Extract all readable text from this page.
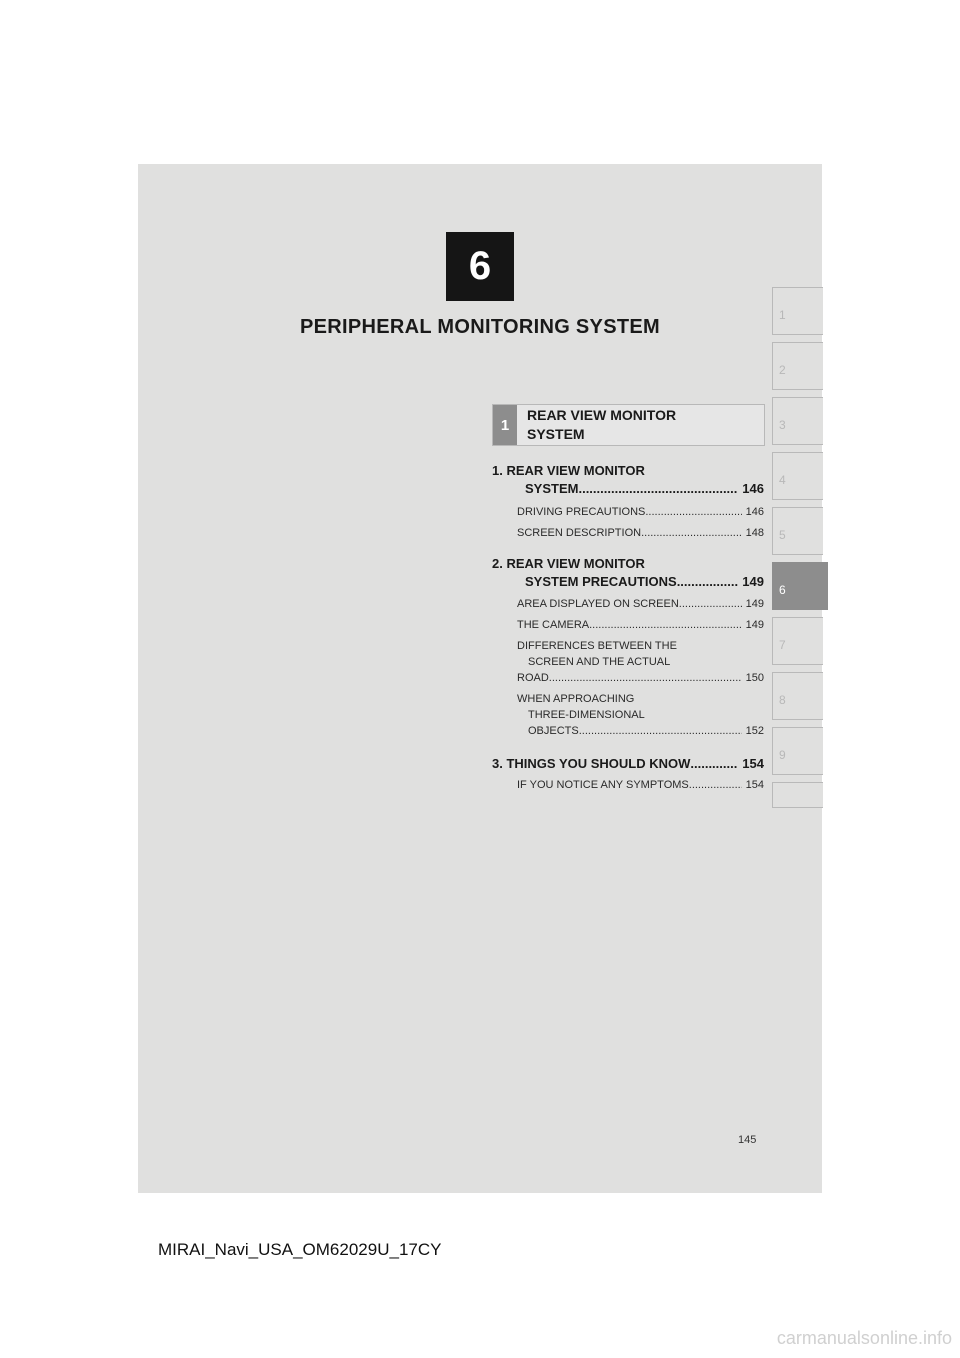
6
PERIPHERAL MONITORING SYSTEM
1
2
3
4
5
6
7
8
9
1
REAR VIEW MONITOR SYSTEM
1. REAR VIEW MONITOR
SYSTEM .....	146
DRIVING PRECAUTIONS .....	146
SCREEN DESCRIPTION .....	148
2. REAR VIEW MONITOR
SYSTEM PRECAUTIONS .....	149
AREA DISPLAYED ON SCREEN .....	149
THE CAMERA .....	149
DIFFERENCES BETWEEN THE
SCREEN AND THE ACTUAL
ROAD .....	150
WHEN APPROACHING
THREE-DIMENSIONAL
OBJECTS .....	152
3. THINGS YOU SHOULD KNOW .....	154
IF YOU NOTICE ANY SYMPTOMS .....	154
145
MIRAI_Navi_USA_OM62029U_17CY
carmanualsonline.info
